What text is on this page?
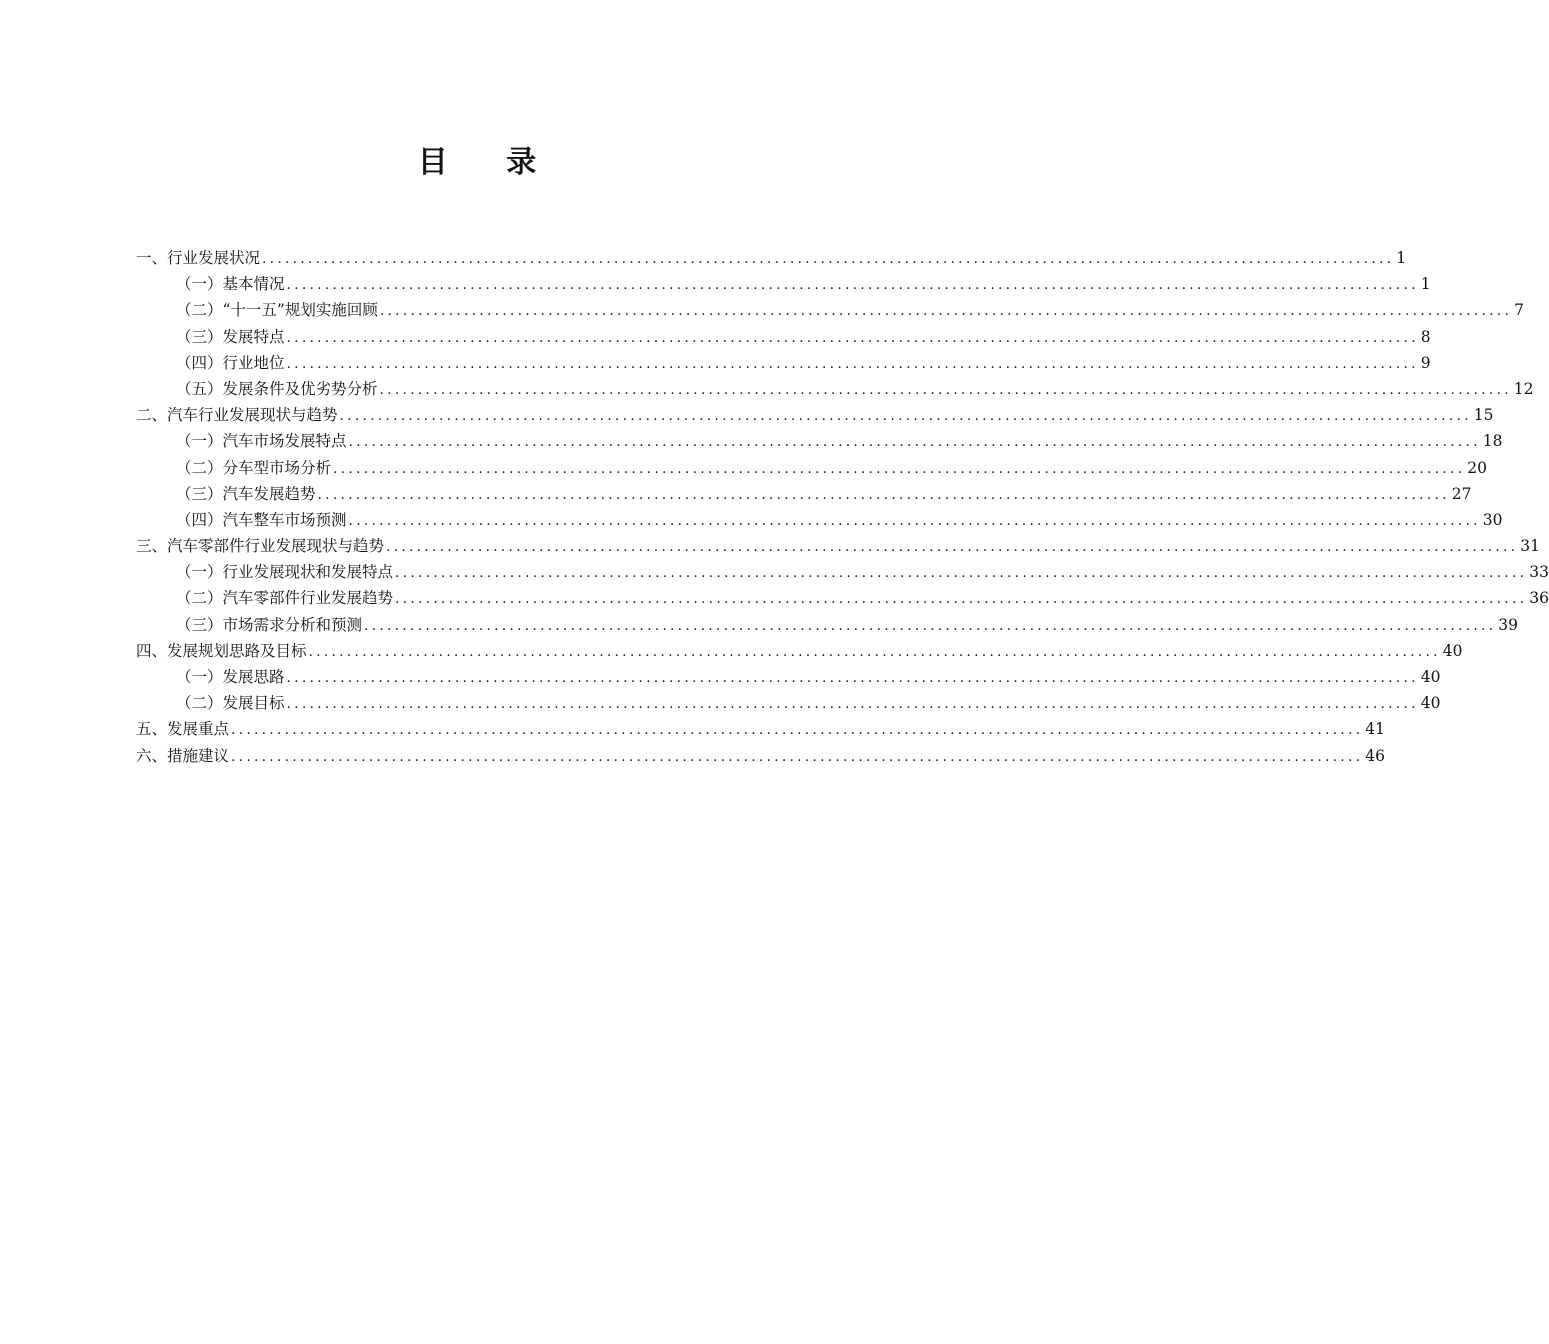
目 录
一、行业发展状况 .................................................................................................................................................... 1
（一）基本情况 .................................................................................................................................................... 1
（二）“十一五”规划实施回顾 .................................................................................................................................................... 7
（三）发展特点 .................................................................................................................................................... 8
（四）行业地位 .................................................................................................................................................... 9
（五）发展条件及优劣势分析 .................................................................................................................................................... 12
二、汽车行业发展现状与趋势 .................................................................................................................................................... 15
（一）汽车市场发展特点 .................................................................................................................................................... 18
（二）分车型市场分析 .................................................................................................................................................... 20
（三）汽车发展趋势 .................................................................................................................................................... 27
（四）汽车整车市场预测 .................................................................................................................................................... 30
三、汽车零部件行业发展现状与趋势 .................................................................................................................................................... 31
（一）行业发展现状和发展特点 .................................................................................................................................................... 33
（二）汽车零部件行业发展趋势 .................................................................................................................................................... 36
（三）市场需求分析和预测 .................................................................................................................................................... 39
四、发展规划思路及目标 .................................................................................................................................................... 40
（一）发展思路 .................................................................................................................................................... 40
（二）发展目标 .................................................................................................................................................... 40
五、发展重点 .................................................................................................................................................... 41
六、措施建议 .................................................................................................................................................... 46
